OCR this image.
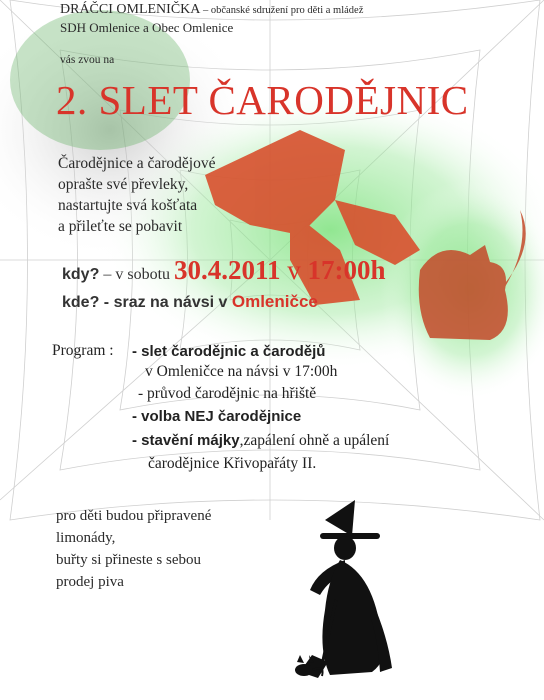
DRÁČCI OMLENIČKA – občanské sdružení pro děti a mládež
SDH Omlenice a Obec Omlenice
vás zvou na
2. SLET ČARODĚJNIC
Čarodějnice a čarodějové
oprašte své převleky,
nastartujte svá košťata
a přileťte se pobavit
kdy? – v sobotu 30.4.2011 v 17:00h
kde? - sraz na návsi v Omleničce
Program : - slet čarodějnic a čarodějů
v Omleničce na návsi v 17:00h
- průvod čarodějnic na hřiště
- volba NEJ čarodějnice
- stavění májky,zapálení ohně a upálení
čarodějnice Křivopařáty II.
pro děti budou připravené
limonády,
buřty si přineste s sebou
prodej piva
